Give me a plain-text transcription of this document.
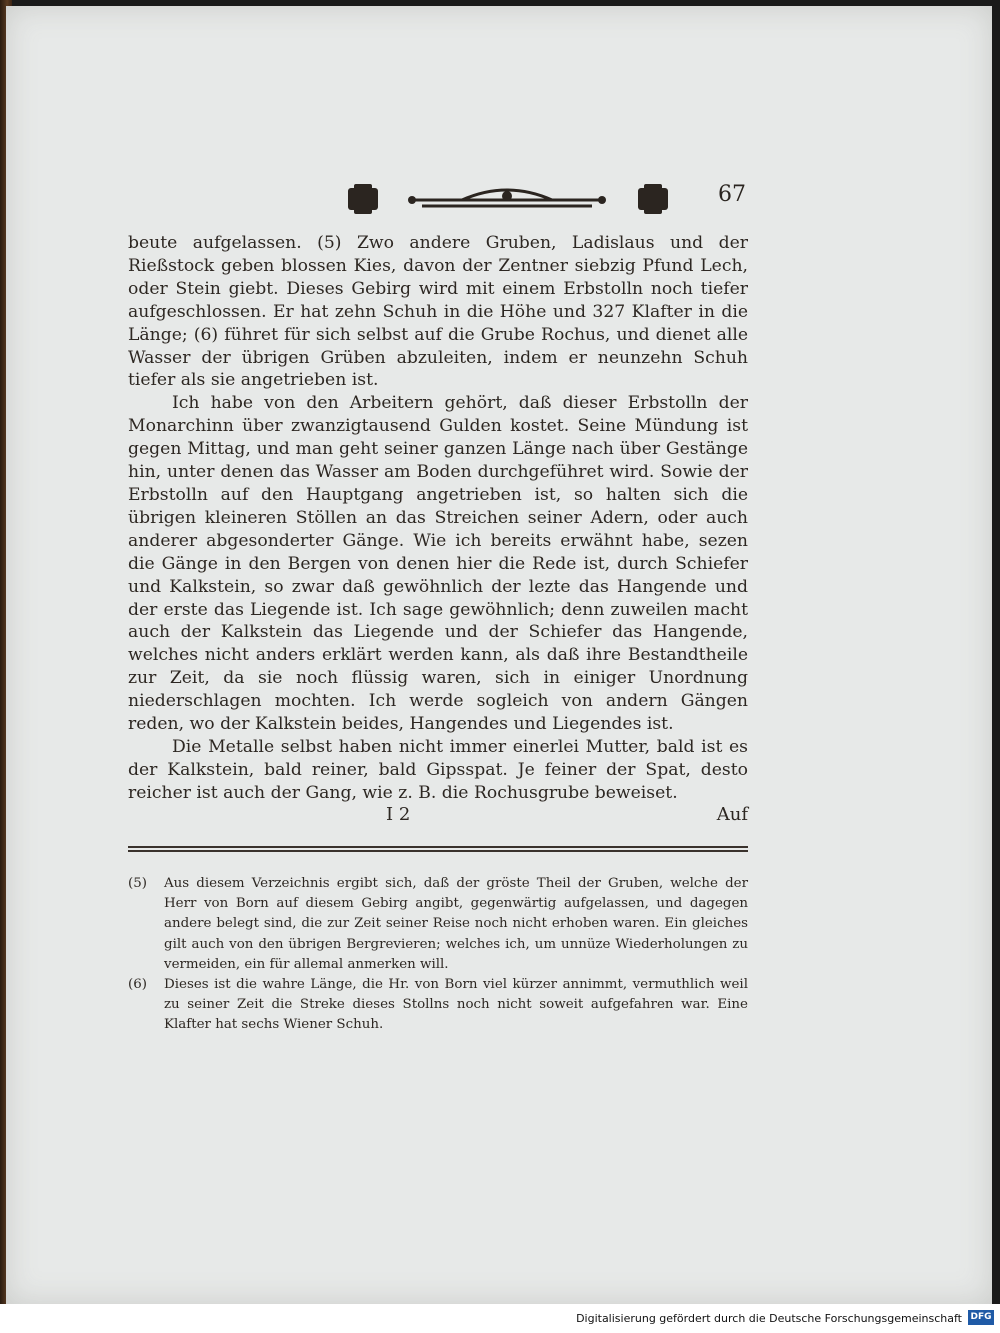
67

beute aufgelassen. (5) Zwo andere Gruben, Ladislaus und der Rießstock geben blossen Kies, davon der Zentner siebzig Pfund Lech, oder Stein giebt. Dieses Gebirg wird mit einem Erbstolln noch tiefer aufgeschlossen. Er hat zehn Schuh in die Höhe und 327 Klafter in die Länge; (6) führet für sich selbst auf die Grube Rochus, und dienet alle Wasser der übrigen Grüben abzuleiten, indem er neunzehn Schuh tiefer als sie angetrieben ist.

Ich habe von den Arbeitern gehört, daß dieser Erbstolln der Monarchinn über zwanzigtausend Gulden kostet. Seine Mündung ist gegen Mittag, und man geht seiner ganzen Länge nach über Gestänge hin, unter denen das Wasser am Boden durchgeführet wird. Sowie der Erbstolln auf den Hauptgang angetrieben ist, so halten sich die übrigen kleineren Stöllen an das Streichen seiner Adern, oder auch anderer abgesonderter Gänge. Wie ich bereits erwähnt habe, sezen die Gänge in den Bergen von denen hier die Rede ist, durch Schiefer und Kalkstein, so zwar daß gewöhnlich der lezte das Hangende und der erste das Liegende ist. Ich sage gewöhnlich; denn zuweilen macht auch der Kalkstein das Liegende und der Schiefer das Hangende, welches nicht anders erklärt werden kann, als daß ihre Bestandtheile zur Zeit, da sie noch flüssig waren, sich in einiger Unordnung niederschlagen mochten. Ich werde sogleich von andern Gängen reden, wo der Kalkstein beides, Hangendes und Liegendes ist.

Die Metalle selbst haben nicht immer einerlei Mutter, bald ist es der Kalkstein, bald reiner, bald Gipsspat. Je feiner der Spat, desto reicher ist auch der Gang, wie z. B. die Rochusgrube beweiset.

I 2	Auf
(5)	Aus diesem Verzeichnis ergibt sich, daß der gröste Theil der Gruben, welche der Herr von Born auf diesem Gebirg angibt, gegenwärtig aufgelassen, und dagegen andere belegt sind, die zur Zeit seiner Reise noch nicht erhoben waren. Ein gleiches gilt auch von den übrigen Bergrevieren; welches ich, um unnüze Wiederholungen zu vermeiden, ein für allemal anmerken will.
(6)	Dieses ist die wahre Länge, die Hr. von Born viel kürzer annimmt, vermuthlich weil zu seiner Zeit die Streke dieses Stollns noch nicht soweit aufgefahren war. Eine Klafter hat sechs Wiener Schuh.
Digitalisierung gefördert durch die Deutsche Forschungsgemeinschaft DFG
